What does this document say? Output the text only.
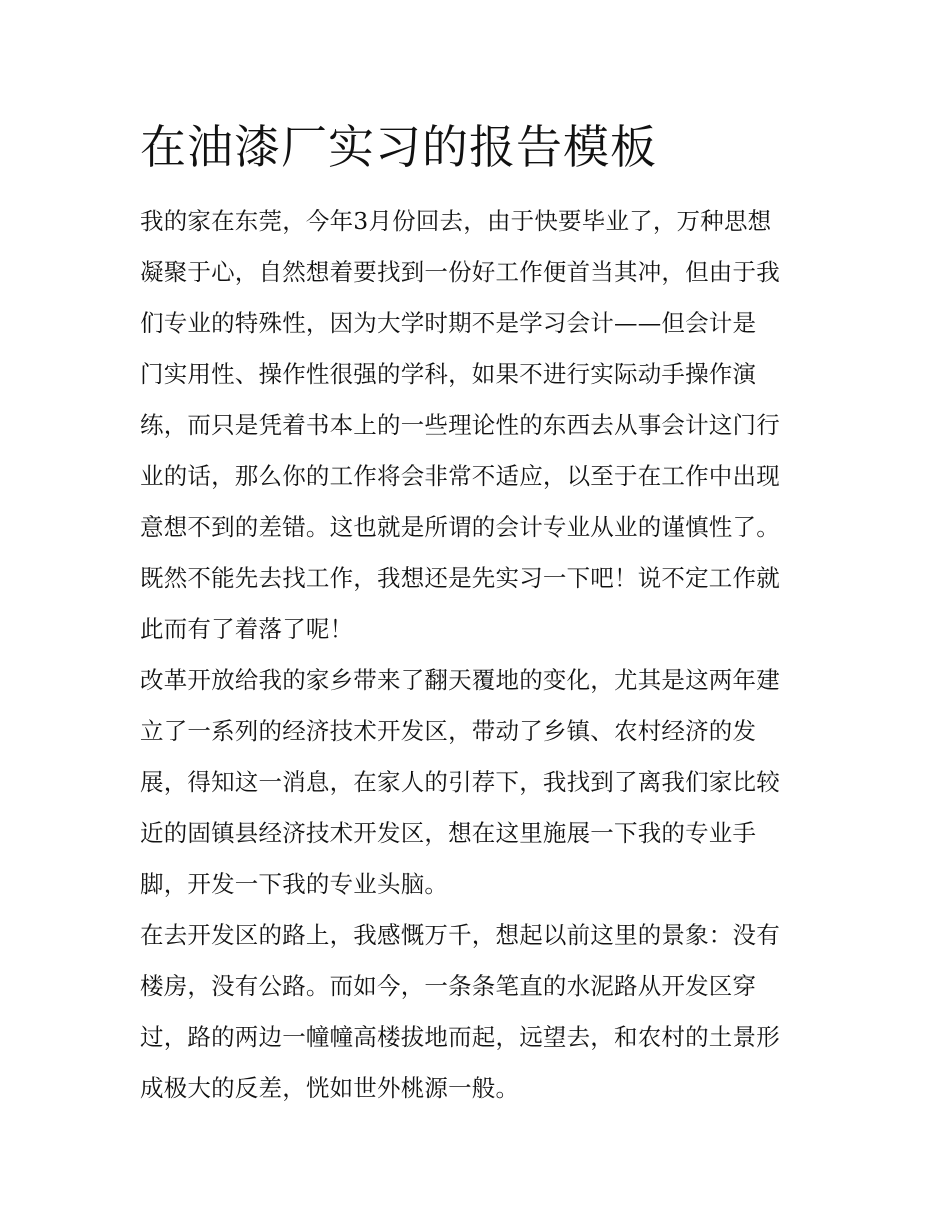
在油漆厂实习的报告模板
我的家在东莞，今年3月份回去，由于快要毕业了，万种思想
凝聚于心，自然想着要找到一份好工作便首当其冲，但由于我
们专业的特殊性，因为大学时期不是学习会计——但会计是
门实用性、操作性很强的学科，如果不进行实际动手操作演
练，而只是凭着书本上的一些理论性的东西去从事会计这门行
业的话，那么你的工作将会非常不适应，以至于在工作中出现
意想不到的差错。这也就是所谓的会计专业从业的谨慎性了。
既然不能先去找工作，我想还是先实习一下吧！说不定工作就
此而有了着落了呢！
改革开放给我的家乡带来了翻天覆地的变化，尤其是这两年建
立了一系列的经济技术开发区，带动了乡镇、农村经济的发
展，得知这一消息，在家人的引荐下，我找到了离我们家比较
近的固镇县经济技术开发区，想在这里施展一下我的专业手
脚，开发一下我的专业头脑。
在去开发区的路上，我感慨万千，想起以前这里的景象：没有
楼房，没有公路。而如今，一条条笔直的水泥路从开发区穿
过，路的两边一幢幢高楼拔地而起，远望去，和农村的土景形
成极大的反差，恍如世外桃源一般。
